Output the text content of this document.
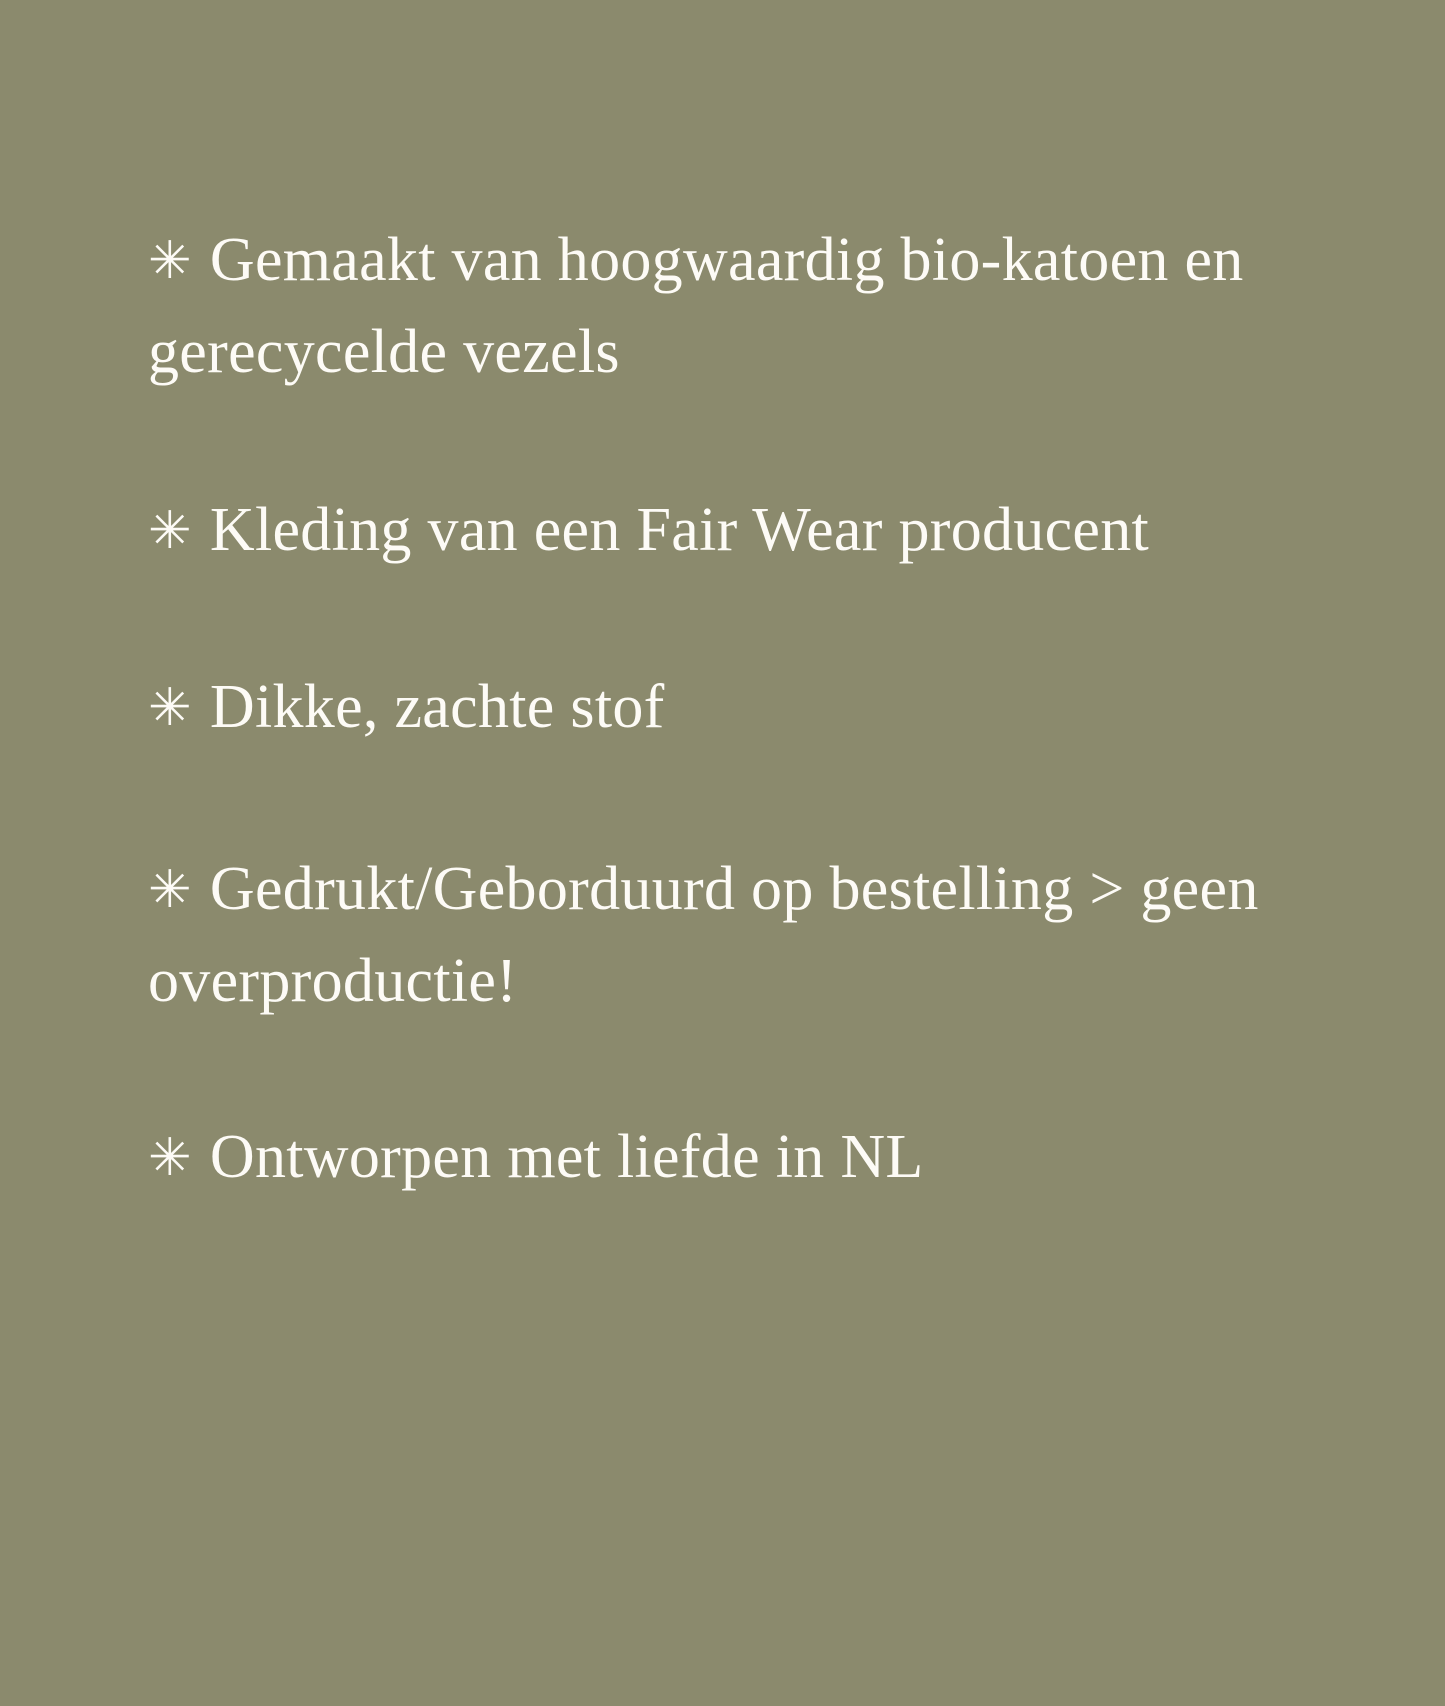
✳ Gemaakt van hoogwaardig bio-katoen en gerecycelde vezels
✳ Kleding van een Fair Wear producent
✳ Dikke, zachte stof
✳ Gedrukt/Geborduurd op bestelling > geen overproductie!
✳ Ontworpen met liefde in NL
